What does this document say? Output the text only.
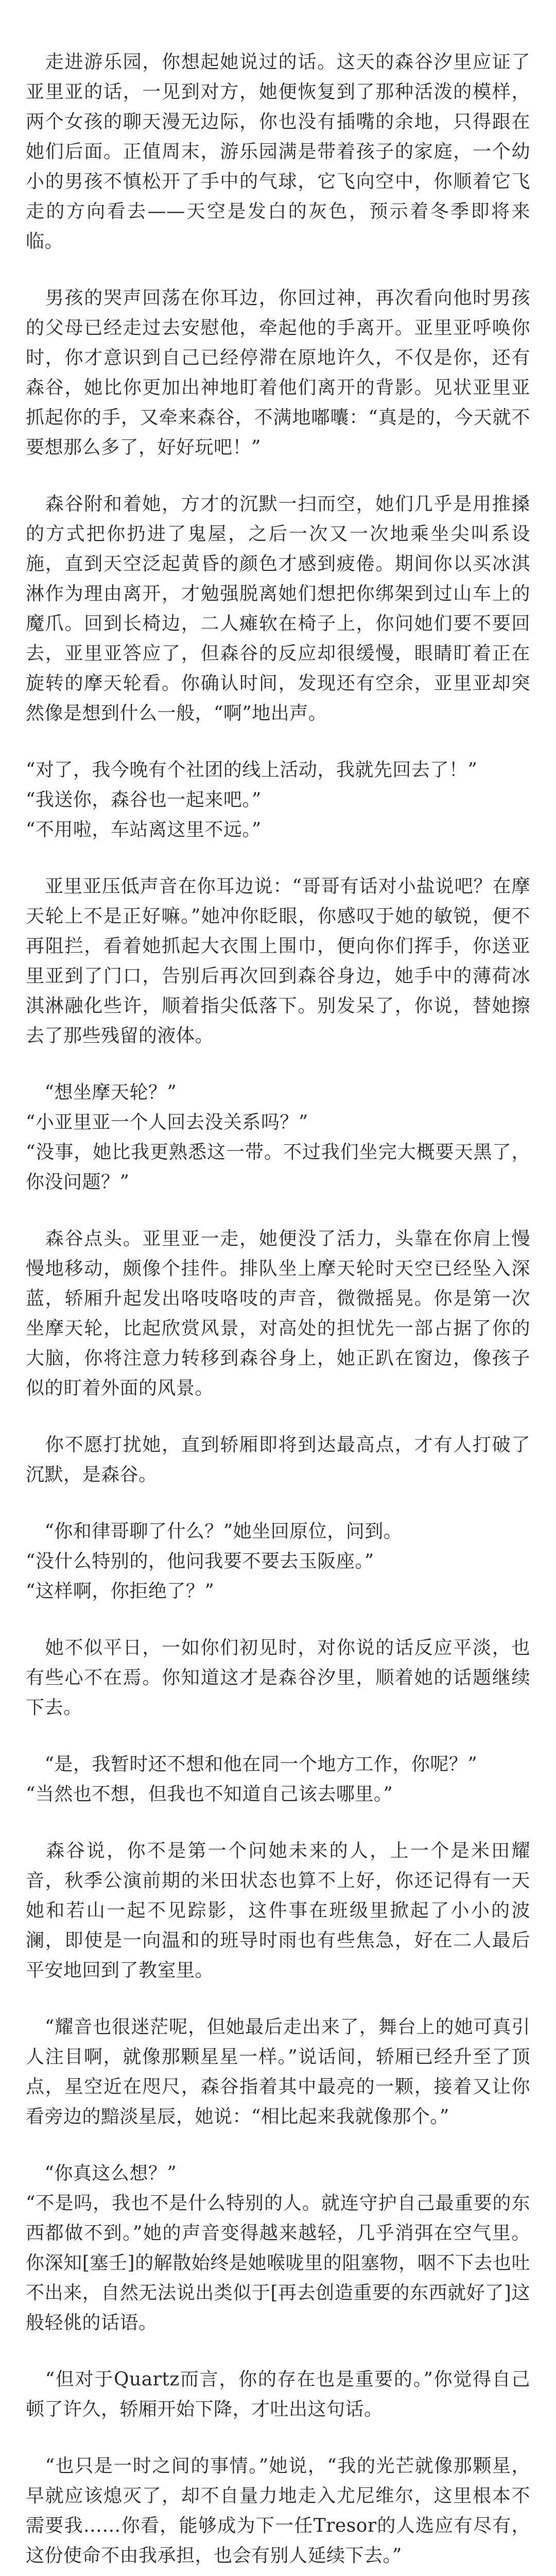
　走进游乐园，你想起她说过的话。这天的森谷汐里应证了亚里亚的话，一见到对方，她便恢复到了那种活泼的模样，两个女孩的聊天漫无边际，你也没有插嘴的余地，只得跟在她们后面。正值周末，游乐园满是带着孩子的家庭，一个幼小的男孩不慎松开了手中的气球，它飞向空中，你顺着它飞走的方向看去——天空是发白的灰色，预示着冬季即将来临。

　男孩的哭声回荡在你耳边，你回过神，再次看向他时男孩的父母已经走过去安慰他，牵起他的手离开。亚里亚呼唤你时，你才意识到自己已经停滞在原地许久，不仅是你，还有森谷，她比你更加出神地盯着他们离开的背影。见状亚里亚抓起你的手，又牵来森谷，不满地嘟囔：“真是的，今天就不要想那么多了，好好玩吧！”

　森谷附和着她，方才的沉默一扫而空，她们几乎是用推搡的方式把你扔进了鬼屋，之后一次又一次地乘坐尖叫系设施，直到天空泛起黄昏的颜色才感到疲倦。期间你以买冰淇淋作为理由离开，才勉强脱离她们想把你绑架到过山车上的魔爪。回到长椅边，二人瘫软在椅子上，你问她们要不要回去，亚里亚答应了，但森谷的反应却很缓慢，眼睛盯着正在旋转的摩天轮看。你确认时间，发现还有空余，亚里亚却突然像是想到什么一般，“啊”地出声。

“对了，我今晚有个社团的线上活动，我就先回去了！”
“我送你，森谷也一起来吧。”
“不用啦，车站离这里不远。”

　亚里亚压低声音在你耳边说：“哥哥有话对小盐说吧？在摩天轮上不是正好嘛。”她冲你眨眼，你感叹于她的敏锐，便不再阻拦，看着她抓起大衣围上围巾，便向你们挥手，你送亚里亚到了门口，告别后再次回到森谷身边，她手中的薄荷冰淇淋融化些许，顺着指尖低落下。别发呆了，你说，替她擦去了那些残留的液体。

　“想坐摩天轮？”
“小亚里亚一个人回去没关系吗？”
“没事，她比我更熟悉这一带。不过我们坐完大概要天黑了，你没问题？”

　森谷点头。亚里亚一走，她便没了活力，头靠在你肩上慢慢地移动，颇像个挂件。排队坐上摩天轮时天空已经坠入深蓝，轿厢升起发出咯吱咯吱的声音，微微摇晃。你是第一次坐摩天轮，比起欣赏风景，对高处的担忧先一部占据了你的大脑，你将注意力转移到森谷身上，她正趴在窗边，像孩子似的盯着外面的风景。

　你不愿打扰她，直到轿厢即将到达最高点，才有人打破了沉默，是森谷。

　“你和律哥聊了什么？”她坐回原位，问到。
“没什么特别的，他问我要不要去玉阪座。”
“这样啊，你拒绝了？”

　她不似平日，一如你们初见时，对你说的话反应平淡，也有些心不在焉。你知道这才是森谷汐里，顺着她的话题继续下去。

　“是，我暂时还不想和他在同一个地方工作，你呢？”
“当然也不想，但我也不知道自己该去哪里。”

　森谷说，你不是第一个问她未来的人，上一个是米田耀音，秋季公演前期的米田状态也算不上好，你还记得有一天她和若山一起不见踪影，这件事在班级里掀起了小小的波澜，即使是一向温和的班导时雨也有些焦急，好在二人最后平安地回到了教室里。

　“耀音也很迷茫呢，但她最后走出来了，舞台上的她可真引人注目啊，就像那颗星星一样。”说话间，轿厢已经升至了顶点，星空近在咫尺，森谷指着其中最亮的一颗，接着又让你看旁边的黯淡星辰，她说：“相比起来我就像那个。”

　“你真这么想？”
“不是吗，我也不是什么特别的人。就连守护自己最重要的东西都做不到。”她的声音变得越来越轻，几乎消弭在空气里。你深知[塞壬]的解散始终是她喉咙里的阻塞物，咽不下去也吐不出来，自然无法说出类似于[再去创造重要的东西就好了]这般轻佻的话语。

　“但对于Quartz而言，你的存在也是重要的。”你觉得自己顿了许久，轿厢开始下降，才吐出这句话。

　“也只是一时之间的事情。”她说，“我的光芒就像那颗星，早就应该熄灭了，却不自量力地走入尤尼维尔，这里根本不需要我……你看，能够成为下一任Tresor的人选应有尽有，这份使命不由我承担，也会有别人延续下去。”
